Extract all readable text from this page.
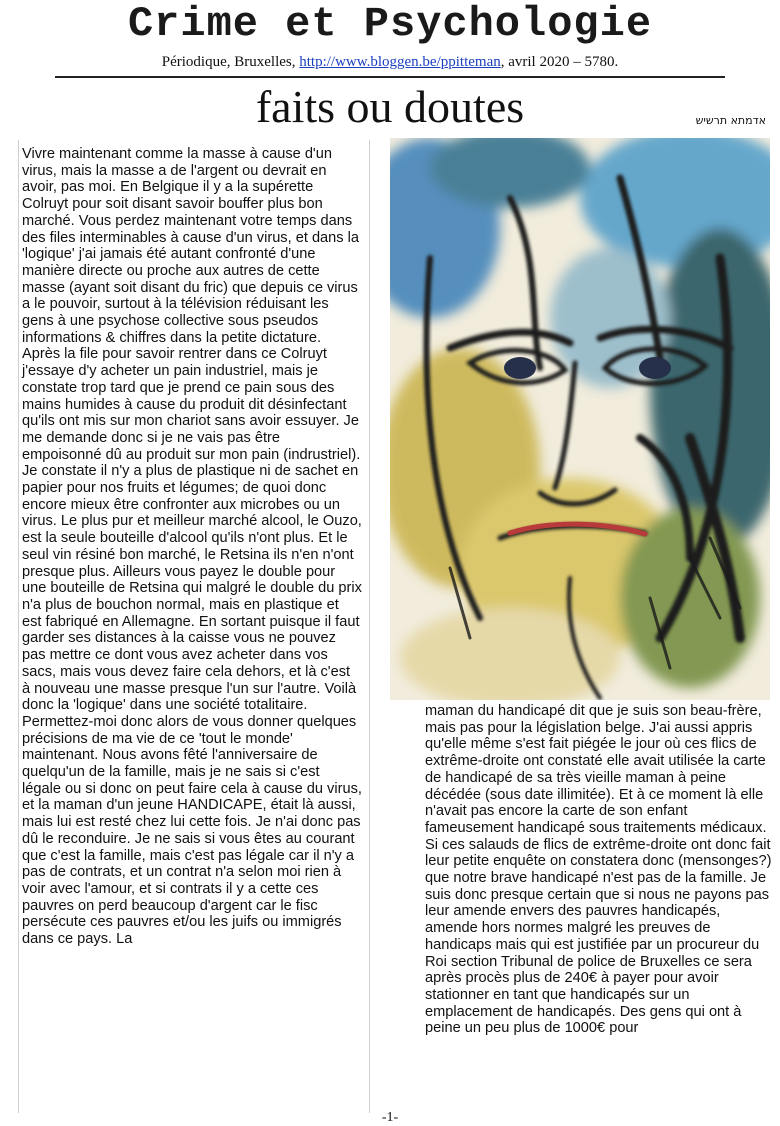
Crime et Psychologie
Périodique, Bruxelles, http://www.bloggen.be/ppitteman, avril 2020 – 5780.
faits ou doutes	אדמתא תרשיש

Vivre maintenant comme la masse à cause d'un virus, mais la masse a de l'argent ou devrait en avoir, pas moi. En Belgique il y a la supérette Colruyt pour soit disant savoir bouffer plus bon marché. Vous perdez maintenant votre temps dans des files interminables à cause d'un virus, et dans la 'logique' j'ai jamais été autant confronté d'une manière directe ou proche aux autres de cette masse (ayant soit disant du fric) que depuis ce virus a le pouvoir, surtout à la télévision réduisant les gens à une psychose collective sous pseudos informations & chiffres dans la petite dictature. Après la file pour savoir rentrer dans ce Colruyt j'essaye d'y acheter un pain industriel, mais je constate trop tard que je prend ce pain sous des mains humides à cause du produit dit désinfectant qu'ils ont mis sur mon chariot sans avoir essuyer. Je me demande donc si je ne vais pas être empoisonné dû au produit sur mon pain (indrustriel). Je constate il n'y a plus de plastique ni de sachet en papier pour nos fruits et légumes; de quoi donc encore mieux être confronter aux microbes ou un virus. Le plus pur et meilleur marché alcool, le Ouzo, est la seule bouteille d'alcool qu'ils n'ont plus. Et le seul vin résiné bon marché, le Retsina ils n'en n'ont presque plus. Ailleurs vous payez le double pour une bouteille de Retsina qui malgré le double du prix n'a plus de bouchon normal, mais en plastique et est fabriqué en Allemagne. En sortant puisque il faut garder ses distances à la caisse vous ne pouvez pas mettre ce dont vous avez acheter dans vos sacs, mais vous devez faire cela dehors, et là c'est à nouveau une masse presque l'un sur l'autre. Voilà donc la 'logique' dans une société totalitaire. Permettez-moi donc alors de vous donner quelques précisions de ma vie de ce 'tout le monde' maintenant. Nous avons fêté l'anniversaire de quelqu'un de la famille, mais je ne sais si c'est légale ou si donc on peut faire cela à cause du virus, et la maman d'un jeune HANDICAPE, était là aussi, mais lui est resté chez lui cette fois. Je n'ai donc pas dû le reconduire. Je ne sais si vous êtes au courant que c'est la famille, mais c'est pas légale car il n'y a pas de contrats, et un contrat n'a selon moi rien à voir avec l'amour, et si contrats il y a cette ces pauvres on perd beaucoup d'argent car le fisc persécute ces pauvres et/ou les juifs ou immigrés dans ce pays. La

maman du handicapé dit que je suis son beau-frère, mais pas pour la législation belge. J'ai aussi appris qu'elle même s'est fait piégée le jour où ces flics de extrême-droite ont constaté elle avait utilisée la carte de handicapé de sa très vieille maman à peine décédée (sous date illimitée). Et à ce moment là elle n'avait pas encore la carte de son enfant fameusement handicapé sous traitements médicaux. Si ces salauds de flics de extrême-droite ont donc fait leur petite enquête on constatera donc (mensonges?) que notre brave handicapé n'est pas de la famille. Je suis donc presque certain que si nous ne payons pas leur amende envers des pauvres handicapés, amende hors normes malgré les preuves de handicaps mais qui est justifiée par un procureur du Roi section Tribunal de police de Bruxelles ce sera après procès plus de 240€ à payer pour avoir stationner en tant que handicapés sur un emplacement de handicapés. Des gens qui ont à peine un peu plus de 1000€ pour

-1-
